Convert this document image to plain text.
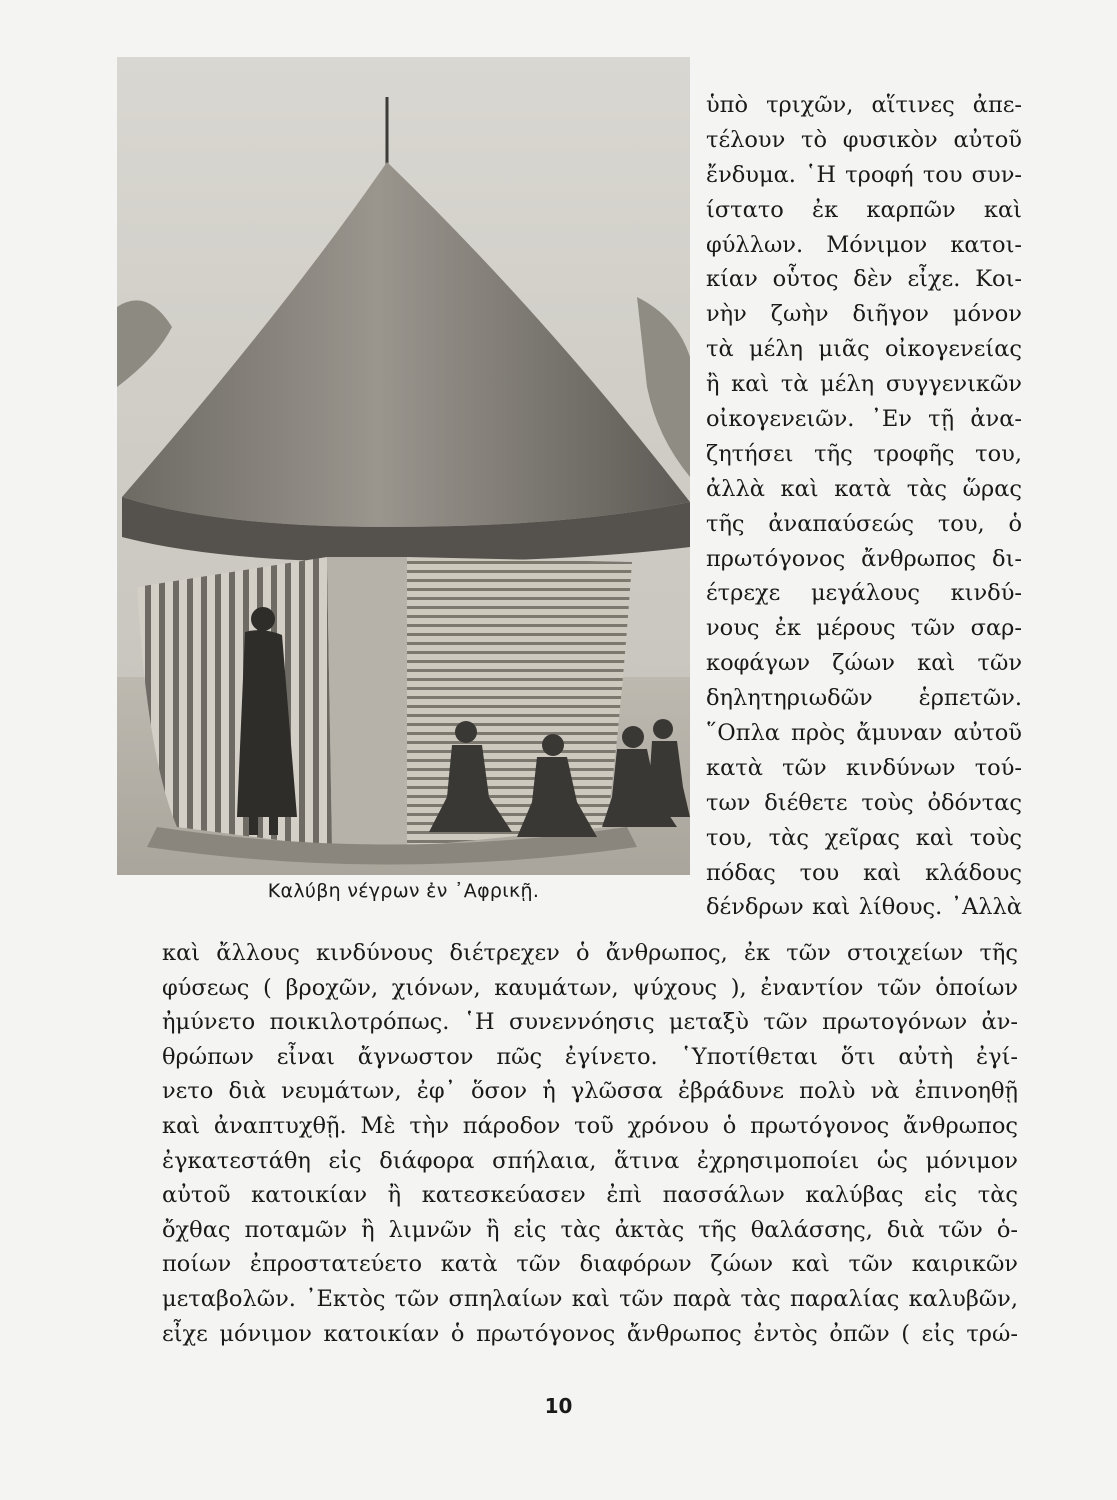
Καλύβη νέγρων ἐν ᾿Αφρικῇ.
ὑπὸ τριχῶν, αἵτινες ἀπε-
τέλουν τὸ φυσικὸν αὐτοῦ
ἔνδυμα. ῾Η τροφή του συν-
ίστατο ἐκ καρπῶν καὶ
φύλλων. Μόνιμον κατοι-
κίαν οὗτος δὲν εἶχε. Κοι-
νὴν ζωὴν διῆγον μόνον
τὰ μέλη μιᾶς οἰκογενείας
ἢ καὶ τὰ μέλη συγγενικῶν
οἰκογενειῶν. ᾿Εν τῇ ἀνα-
ζητήσει τῆς τροφῆς του,
ἀλλὰ καὶ κατὰ τὰς ὥρας
τῆς ἀναπαύσεώς του, ὁ
πρωτόγονος ἄνθρωπος δι-
έτρεχε μεγάλους κινδύ-
νους ἐκ μέρους τῶν σαρ-
κοφάγων ζώων καὶ τῶν
δηλητηριωδῶν ἑρπετῶν.
῞Οπλα πρὸς ἄμυναν αὐτοῦ
κατὰ τῶν κινδύνων τού-
των διέθετε τοὺς ὀδόντας
του, τὰς χεῖρας καὶ τοὺς
πόδας του καὶ κλάδους
δένδρων καὶ λίθους. ᾿Αλλὰ
καὶ ἄλλους κινδύνους διέτρεχεν ὁ ἄνθρωπος, ἐκ τῶν στοιχείων τῆς
φύσεως ( βροχῶν, χιόνων, καυμάτων, ψύχους ), ἐναντίον τῶν ὁποίων
ἠμύνετο ποικιλοτρόπως. ῾Η συνεννόησις μεταξὺ τῶν πρωτογόνων ἀν-
θρώπων εἶναι ἄγνωστον πῶς ἐγίνετο. ῾Υποτίθεται ὅτι αὐτὴ ἐγί-
νετο διὰ νευμάτων, ἐφ᾿ ὅσον ἡ γλῶσσα ἐβράδυνε πολὺ νὰ ἐπινοηθῇ
καὶ ἀναπτυχθῇ. Μὲ τὴν πάροδον τοῦ χρόνου ὁ πρωτόγονος ἄνθρωπος
ἐγκατεστάθη εἰς διάφορα σπήλαια, ἅτινα ἐχρησιμοποίει ὡς μόνιμον
αὐτοῦ κατοικίαν ἢ κατεσκεύασεν ἐπὶ πασσάλων καλύβας εἰς τὰς
ὄχθας ποταμῶν ἢ λιμνῶν ἢ εἰς τὰς ἀκτὰς τῆς θαλάσσης, διὰ τῶν ὁ-
ποίων ἐπροστατεύετο κατὰ τῶν διαφόρων ζώων καὶ τῶν καιρικῶν
μεταβολῶν. ᾿Εκτὸς τῶν σπηλαίων καὶ τῶν παρὰ τὰς παραλίας καλυβῶν,
εἶχε μόνιμον κατοικίαν ὁ πρωτόγονος ἄνθρωπος ἐντὸς ὀπῶν ( εἰς τρώ-
10
